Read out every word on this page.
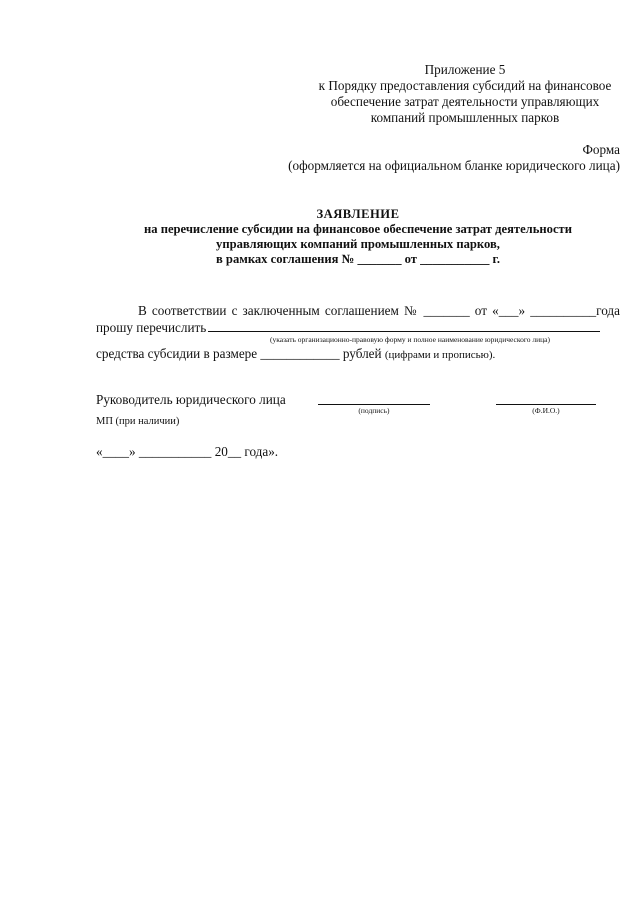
Приложение 5
к Порядку предоставления субсидий на финансовое
обеспечение затрат деятельности управляющих
компаний промышленных парков
Форма
(оформляется на официальном бланке юридического лица)
ЗАЯВЛЕНИЕ
на перечисление субсидии на финансовое обеспечение затрат деятельности
управляющих компаний промышленных парков,
в рамках соглашения № _______ от ___________ г.
В соответствии с заключенным соглашением № _______ от «___» __________года
прошу перечислить
(указать организационно-правовую форму и полное наименование юридического лица)
средства субсидии в размере ____________ рублей (цифрами и прописью).
Руководитель юридического лица
(подпись)	(Ф.И.О.)
МП (при наличии)
«____» ___________ 20__ года».
